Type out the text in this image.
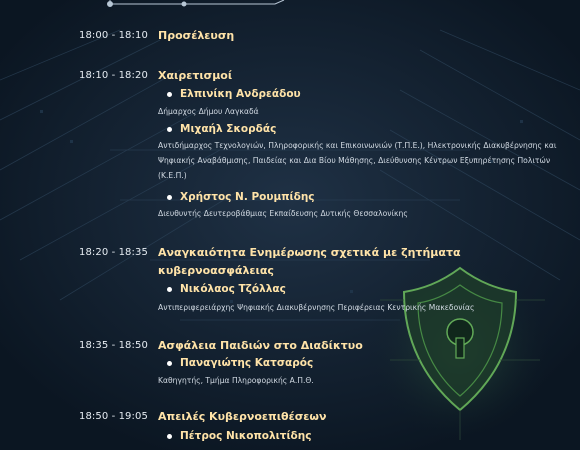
18:00 - 18:10 Προσέλευση
18:10 - 18:20 Χαιρετισμοί
Ελπινίκη Ανδρεάδου
Δήμαρχος Δήμου Λαγκαδά
Μιχαήλ Σκορδάς
Αντιδήμαρχος Τεχνολογιών, Πληροφορικής και Επικοινωνιών (Τ.Π.Ε.), Ηλεκτρονικής Διακυβέρνησης και Ψηφιακής Αναβάθμισης, Παιδείας και Δια Βίου Μάθησης, Διεύθυνσης Κέντρων Εξυπηρέτησης Πολιτών (Κ.Ε.Π.)
Χρήστος Ν. Ρουμπίδης
Διευθυντής Δευτεροβάθμιας Εκπαίδευσης Δυτικής Θεσσαλονίκης
18:20 - 18:35 Αναγκαιότητα Ενημέρωσης σχετικά με ζητήματα
κυβερνοασφάλειας
Νικόλαος Τζόλλας
Αντιπεριφερειάρχης Ψηφιακής Διακυβέρνησης Περιφέρειας Κεντρικής Μακεδονίας
18:35 - 18:50 Ασφάλεια Παιδιών στο Διαδίκτυο
Παναγιώτης Κατσαρός
Καθηγητής, Τμήμα Πληροφορικής Α.Π.Θ.
18:50 - 19:05 Απειλές Κυβερνοεπιθέσεων
Πέτρος Νικοπολιτίδης
